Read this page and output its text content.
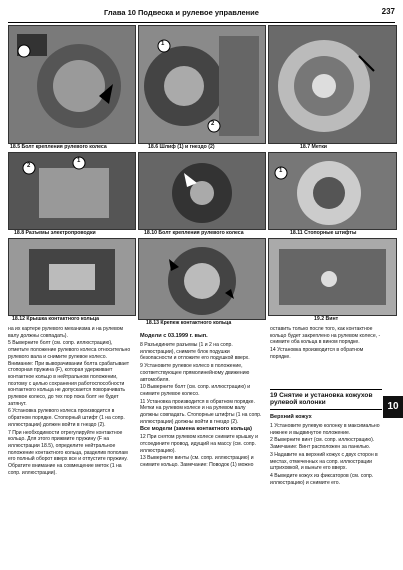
Глава 10 Подвеска и рулевое управление	237
18.5 Болт крепления рулевого колеса
1
2
18.6 Шлиф (1) и гнездо (2)	18.7 Метки
2
1
18.8 Разъемы электропроводки	18.10 Болт крепления рулевого колеса
1
18.11 Стопорные штифты
18.12 Крышка контактного кольца
18.13 Крепеж контактного кольца
19.2 Винт

на их картере рулевого механизма и на рулевом валу должны совпадать).

5 Выверните болт (см. сопр. иллюстрацию), отметьте положение рулевого колеса относительно рулевого вала и снимите рулевое колесо. Внимание: При выворачивании болта срабатывает стопорная пружина (F), которая удерживает контактное кольцо в нейтральном положении, поэтому с целью сохранения работоспособности контактного кольца не допускается поворачивать рулевое колесо, до тех пор пока болт не будет затянут.

6 Установка рулевого колеса производится в обратном порядке. Стопорный штифт (1 на сопр. иллюстрации) должен войти в гнездо (2).

7 При необходимости отрегулируйте контактное кольцо. Для этого прижмите пружину (F на иллюстрации 18.5), определите нейтральное положение контактного кольца, разделив пополам его полный оборот вверх все и отпустите пружину. Обратите внимание на совмещение меток (1 на сопр. иллюстрации).

Модели с 03.1999 г. вып.

8 Разъедините разъемы (1 и 2 на сопр. иллюстрации), снимите блок подушки безопасности и отложите его подушкой вверх.

9 Установите рулевое колесо в положение, соответствующее прямолинейному движению автомобиля.

10 Выверните болт (см. сопр. иллюстрацию) и снимите рулевое колесо.

11 Установка производится в обратном порядке. Метки на рулевом колесе и на рулевом валу должны совпадать. Стопорные штифты (1 на сопр. иллюстрации) должны войти в гнездо (2).

Все модели (замена контактного кольца)

12 При снятом рулевом колесе снимите крышку и отсоедините провод, идущий на массу (см. сопр. иллюстрацию).

13 Выверните винты (см. сопр. иллюстрацию) и снимите кольцо. Замечание: Поводок (1) можно

оставить только после того, как контактное кольцо будет закреплено на рулевом колесе, - снимите оба кольца в вином порядке.

14 Установка производится в обратном порядке.

19 Снятие и установка кожухов рулевой колонки
Верхний кожух

1 Установите рулевую колонку в максимально нижнее и выдвинутое положение.

2 Выверните винт (см. сопр. иллюстрацию). Замечание: Винт расположен за панелью.

3 Надавите на верхний кожух с двух сторон в местах, отмеченных на сопр. иллюстрации штриховкой, и выньте его вверх.

4 Выведите кожух из фиксаторов (см. сопр. иллюстрацию) и снимите его.

10
